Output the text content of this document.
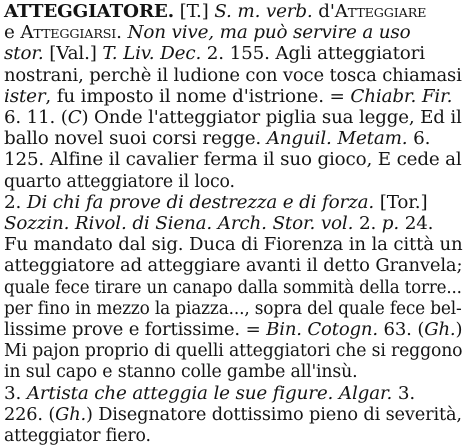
ATTEGGIATORE. [T.] S. m. verb. d'Atteggiare
e Atteggiarsi. Non vive, ma può servire a uso
stor. [Val.] T. Liv. Dec. 2. 155. Agli atteggiatori
nostrani, perchè il ludione con voce tosca chiamasi
ister, fu imposto il nome d'istrione. = Chiabr. Fir.
6. 11. (C) Onde l'atteggiator piglia sua legge, Ed il
ballo novel suoi corsi regge. Anguil. Metam. 6.
125. Alfine il cavalier ferma il suo gioco, E cede al
quarto atteggiatore il loco.
2. Di chi fa prove di destrezza e di forza. [Tor.]
Sozzin. Rivol. di Siena. Arch. Stor. vol. 2. p. 24.
Fu mandato dal sig. Duca di Fiorenza in la città un
atteggiatore ad atteggiare avanti il detto Granvela;
quale fece tirare un canapo dalla sommità della torre...
per fino in mezzo la piazza..., sopra del quale fece bel-
lissime prove e fortissime. = Bin. Cotogn. 63. (Gh.)
Mi pajon proprio di quelli atteggiatori che si reggono
in sul capo e stanno colle gambe all'insù.
3. Artista che atteggia le sue figure. Algar. 3.
226. (Gh.) Disegnatore dottissimo pieno di severità,
atteggiator fiero.
